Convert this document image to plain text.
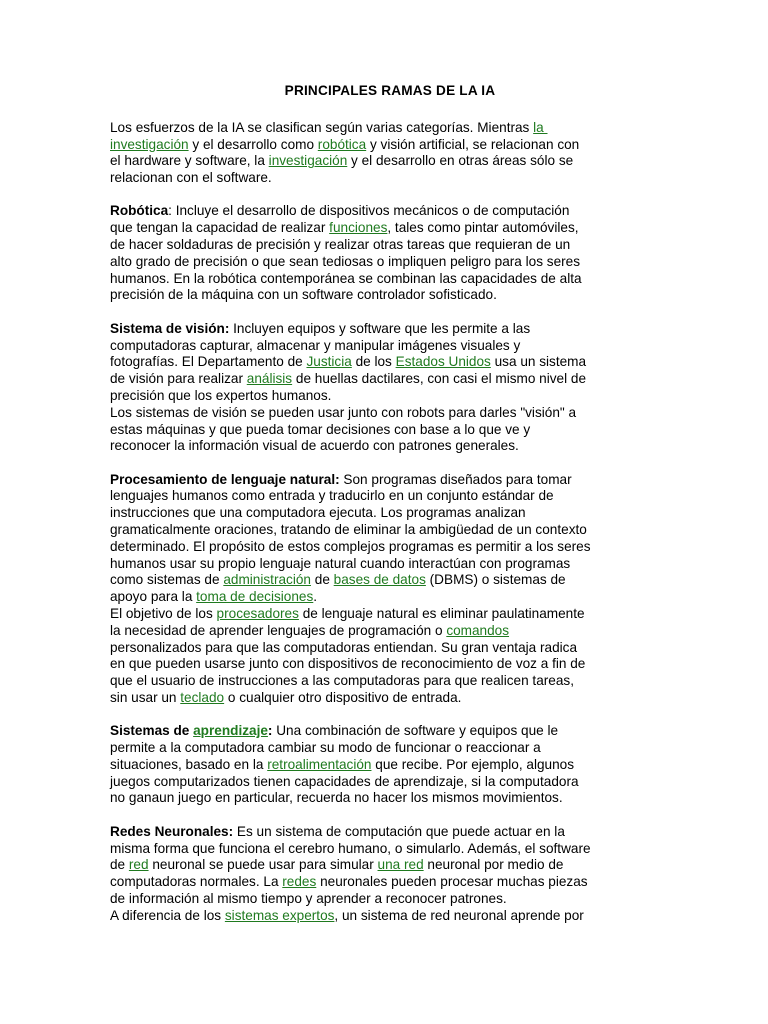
PRINCIPALES RAMAS DE LA IA
Los esfuerzos de la IA se clasifican según varias categorías. Mientras la
investigación y el desarrollo como robótica y visión artificial, se relacionan con
el hardware y software, la investigación y el desarrollo en otras áreas sólo se
relacionan con el software.
Robótica: Incluye el desarrollo de dispositivos mecánicos o de computación
que tengan la capacidad de realizar funciones, tales como pintar automóviles,
de hacer soldaduras de precisión y realizar otras tareas que requieran de un
alto grado de precisión o que sean tediosas o impliquen peligro para los seres
humanos. En la robótica contemporánea se combinan las capacidades de alta
precisión de la máquina con un software controlador sofisticado.
Sistema de visión: Incluyen equipos y software que les permite a las
computadoras capturar, almacenar y manipular imágenes visuales y
fotografías. El Departamento de Justicia de los Estados Unidos usa un sistema
de visión para realizar análisis de huellas dactilares, con casi el mismo nivel de
precisión que los expertos humanos.
Los sistemas de visión se pueden usar junto con robots para darles "visión" a
estas máquinas y que pueda tomar decisiones con base a lo que ve y
reconocer la información visual de acuerdo con patrones generales.
Procesamiento de lenguaje natural: Son programas diseñados para tomar
lenguajes humanos como entrada y traducirlo en un conjunto estándar de
instrucciones que una computadora ejecuta. Los programas analizan
gramaticalmente oraciones, tratando de eliminar la ambigüedad de un contexto
determinado. El propósito de estos complejos programas es permitir a los seres
humanos usar su propio lenguaje natural cuando interactúan con programas
como sistemas de administración de bases de datos (DBMS) o sistemas de
apoyo para la toma de decisiones.
El objetivo de los procesadores de lenguaje natural es eliminar paulatinamente
la necesidad de aprender lenguajes de programación o comandos
personalizados para que las computadoras entiendan. Su gran ventaja radica
en que pueden usarse junto con dispositivos de reconocimiento de voz a fin de
que el usuario de instrucciones a las computadoras para que realicen tareas,
sin usar un teclado o cualquier otro dispositivo de entrada.
Sistemas de aprendizaje: Una combinación de software y equipos que le
permite a la computadora cambiar su modo de funcionar o reaccionar a
situaciones, basado en la retroalimentación que recibe. Por ejemplo, algunos
juegos computarizados tienen capacidades de aprendizaje, si la computadora
no ganaun juego en particular, recuerda no hacer los mismos movimientos.
Redes Neuronales: Es un sistema de computación que puede actuar en la
misma forma que funciona el cerebro humano, o simularlo. Además, el software
de red neuronal se puede usar para simular una red neuronal por medio de
computadoras normales. La redes neuronales pueden procesar muchas piezas
de información al mismo tiempo y aprender a reconocer patrones.
A diferencia de los sistemas expertos, un sistema de red neuronal aprende por
